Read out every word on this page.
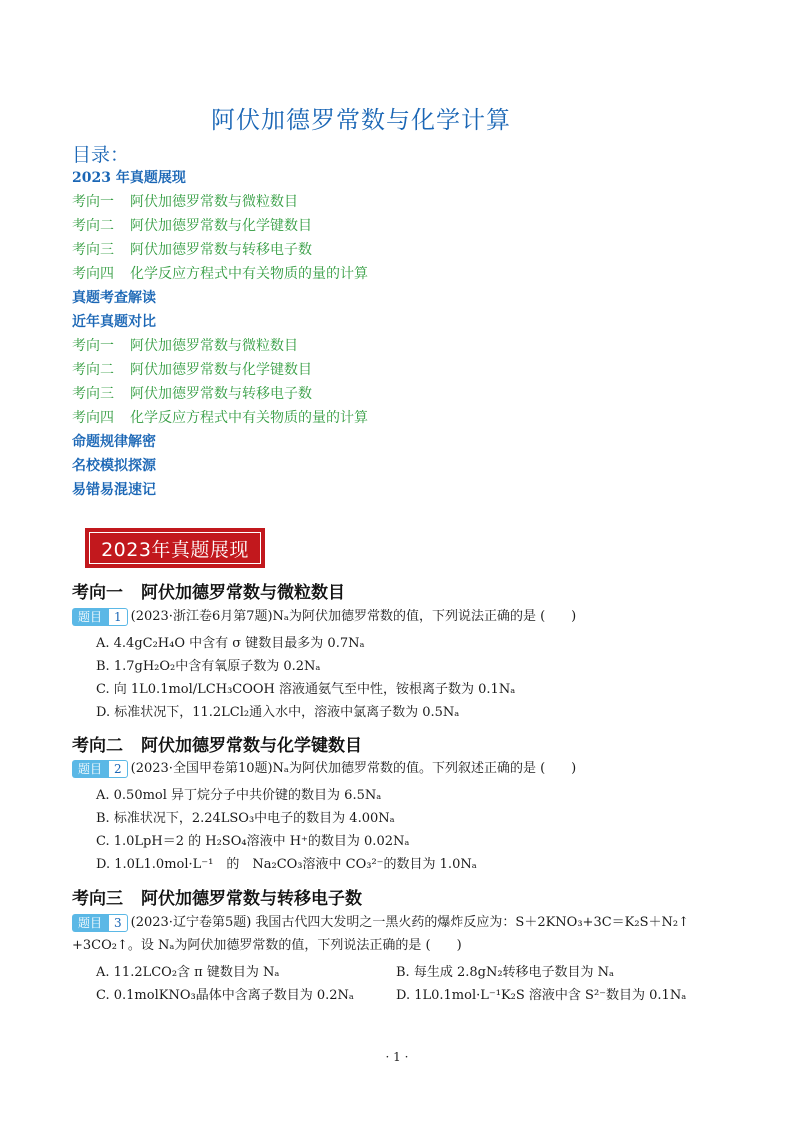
阿伏加德罗常数与化学计算
目录：
2023 年真题展现
考向一 阿伏加德罗常数与微粒数目
考向二 阿伏加德罗常数与化学键数目
考向三 阿伏加德罗常数与转移电子数
考向四 化学反应方程式中有关物质的量的计算
真题考查解读
近年真题对比
考向一 阿伏加德罗常数与微粒数目
考向二 阿伏加德罗常数与化学键数目
考向三 阿伏加德罗常数与转移电子数
考向四 化学反应方程式中有关物质的量的计算
命题规律解密
名校模拟探源
易错易混速记
2023年真题展现
考向一 阿伏加德罗常数与微粒数目
题目	1 (2023·浙江卷6月第7题)Nₐ为阿伏加德罗常数的值，下列说法正确的是 (　　)
A. 4.4gC₂H₄O 中含有 σ 键数目最多为 0.7Nₐ
B. 1.7gH₂O₂中含有氧原子数为 0.2Nₐ
C. 向 1L0.1mol/LCH₃COOH 溶液通氨气至中性，铵根离子数为 0.1Nₐ
D. 标准状况下，11.2LCl₂通入水中，溶液中氯离子数为 0.5Nₐ
考向二 阿伏加德罗常数与化学键数目
题目	2 (2023·全国甲卷第10题)Nₐ为阿伏加德罗常数的值。下列叙述正确的是 (　　)
A. 0.50mol 异丁烷分子中共价键的数目为 6.5Nₐ
B. 标准状况下，2.24LSO₃中电子的数目为 4.00Nₐ
C. 1.0LpH＝2 的 H₂SO₄溶液中 H⁺的数目为 0.02Nₐ
D. 1.0L1.0mol·L⁻¹　的　Na₂CO₃溶液中 CO₃²⁻的数目为 1.0Nₐ
考向三 阿伏加德罗常数与转移电子数
题目	3 (2023·辽宁卷第5题) 我国古代四大发明之一黑火药的爆炸反应为：S＋2KNO₃+3C＝K₂S＋N₂↑
+3CO₂↑。设 Nₐ为阿伏加德罗常数的值，下列说法正确的是 (　　)
A. 11.2LCO₂含 π 键数目为 Nₐ	B. 每生成 2.8gN₂转移电子数目为 Nₐ
C. 0.1molKNO₃晶体中含离子数目为 0.2Nₐ	D. 1L0.1mol·L⁻¹K₂S 溶液中含 S²⁻数目为 0.1Nₐ
· 1 ·
